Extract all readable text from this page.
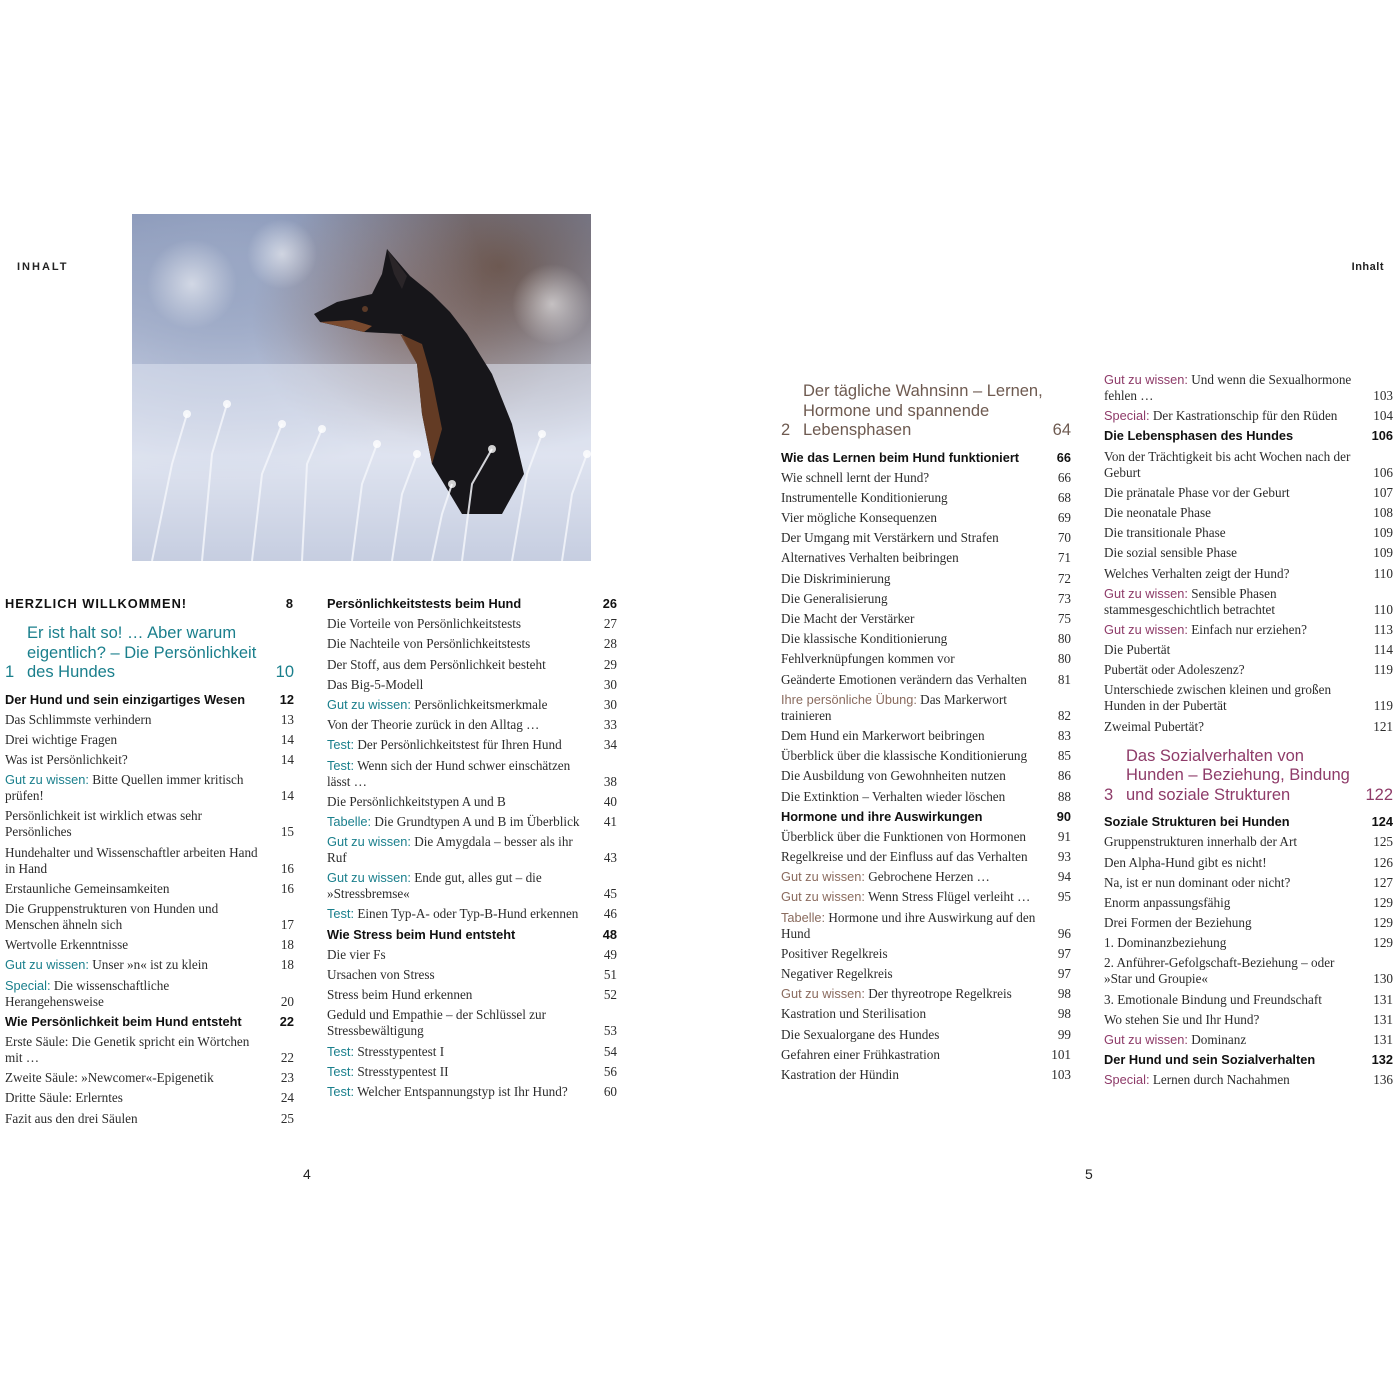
INHALT	Inhalt
HERZLICH WILLKOMMEN!	8
1
Er ist halt so! … Aber warum eigentlich? – Die Persönlichkeit des Hundes	10
Der Hund und sein einzigartiges Wesen	12
Das Schlimmste verhindern	13
Drei wichtige Fragen	14
Was ist Persönlichkeit?	14
Gut zu wissen: Bitte Quellen immer kritisch prüfen!	14
Persönlichkeit ist wirklich etwas sehr Persönliches	15
Hundehalter und Wissenschaftler arbeiten Hand in Hand	16
Erstaunliche Gemeinsamkeiten	16
Die Gruppenstrukturen von Hunden und Menschen ähneln sich	17
Wertvolle Erkenntnisse	18
Gut zu wissen: Unser »n« ist zu klein	18
Special: Die wissenschaftliche Herangehensweise	20
Wie Persönlichkeit beim Hund entsteht	22
Erste Säule: Die Genetik spricht ein Wörtchen mit …	22
Zweite Säule: »Newcomer«-Epigenetik	23
Dritte Säule: Erlerntes	24
Fazit aus den drei Säulen	25
Persönlichkeitstests beim Hund	26
Die Vorteile von Persönlichkeitstests	27
Die Nachteile von Persönlichkeitstests	28
Der Stoff, aus dem Persönlichkeit besteht	29
Das Big-5-Modell	30
Gut zu wissen: Persönlichkeitsmerkmale	30
Von der Theorie zurück in den Alltag …	33
Test: Der Persönlichkeitstest für Ihren Hund	34
Test: Wenn sich der Hund schwer einschätzen lässt …	38
Die Persönlichkeitstypen A und B	40
Tabelle: Die Grundtypen A und B im Überblick	41
Gut zu wissen: Die Amygdala – besser als ihr Ruf	43
Gut zu wissen: Ende gut, alles gut – die »Stressbremse«	45
Test: Einen Typ-A- oder Typ-B-Hund erkennen	46
Wie Stress beim Hund entsteht	48
Die vier Fs	49
Ursachen von Stress	51
Stress beim Hund erkennen	52
Geduld und Empathie – der Schlüssel zur Stressbewältigung	53
Test: Stresstypentest I	54
Test: Stresstypentest II	56
Test: Welcher Entspannungstyp ist Ihr Hund?	60
2
Der tägliche Wahnsinn – Lernen, Hormone und spannende Lebensphasen	64
Wie das Lernen beim Hund funktioniert	66
Wie schnell lernt der Hund?	66
Instrumentelle Konditionierung	68
Vier mögliche Konsequenzen	69
Der Umgang mit Verstärkern und Strafen	70
Alternatives Verhalten beibringen	71
Die Diskriminierung	72
Die Generalisierung	73
Die Macht der Verstärker	75
Die klassische Konditionierung	80
Fehlverknüpfungen kommen vor	80
Geänderte Emotionen verändern das Verhalten	81
Ihre persönliche Übung: Das Markerwort trainieren	82
Dem Hund ein Markerwort beibringen	83
Überblick über die klassische Konditionierung	85
Die Ausbildung von Gewohnheiten nutzen	86
Die Extinktion – Verhalten wieder löschen	88
Hormone und ihre Auswirkungen	90
Überblick über die Funktionen von Hormonen	91
Regelkreise und der Einfluss auf das Verhalten	93
Gut zu wissen: Gebrochene Herzen …	94
Gut zu wissen: Wenn Stress Flügel verleiht …	95
Tabelle: Hormone und ihre Auswirkung auf den Hund	96
Positiver Regelkreis	97
Negativer Regelkreis	97
Gut zu wissen: Der thyreotrope Regelkreis	98
Kastration und Sterilisation	98
Die Sexualorgane des Hundes	99
Gefahren einer Frühkastration	101
Kastration der Hündin	103
Gut zu wissen: Und wenn die Sexualhormone fehlen …	103
Special: Der Kastrationschip für den Rüden	104
Die Lebensphasen des Hundes	106
Von der Trächtigkeit bis acht Wochen nach der Geburt	106
Die pränatale Phase vor der Geburt	107
Die neonatale Phase	108
Die transitionale Phase	109
Die sozial sensible Phase	109
Welches Verhalten zeigt der Hund?	110
Gut zu wissen: Sensible Phasen stammesgeschichtlich betrachtet	110
Gut zu wissen: Einfach nur erziehen?	113
Die Pubertät	114
Pubertät oder Adoleszenz?	119
Unterschiede zwischen kleinen und großen Hunden in der Pubertät	119
Zweimal Pubertät?	121
3
Das Sozialverhalten von Hunden – Beziehung, Bindung und soziale Strukturen	122
Soziale Strukturen bei Hunden	124
Gruppenstrukturen innerhalb der Art	125
Den Alpha-Hund gibt es nicht!	126
Na, ist er nun dominant oder nicht?	127
Enorm anpassungsfähig	129
Drei Formen der Beziehung	129
1. Dominanzbeziehung	129
2. Anführer-Gefolgschaft-Beziehung – oder »Star und Groupie«	130
3. Emotionale Bindung und Freundschaft	131
Wo stehen Sie und Ihr Hund?	131
Gut zu wissen: Dominanz	131
Der Hund und sein Sozialverhalten	132
Special: Lernen durch Nachahmen	136
4	5
